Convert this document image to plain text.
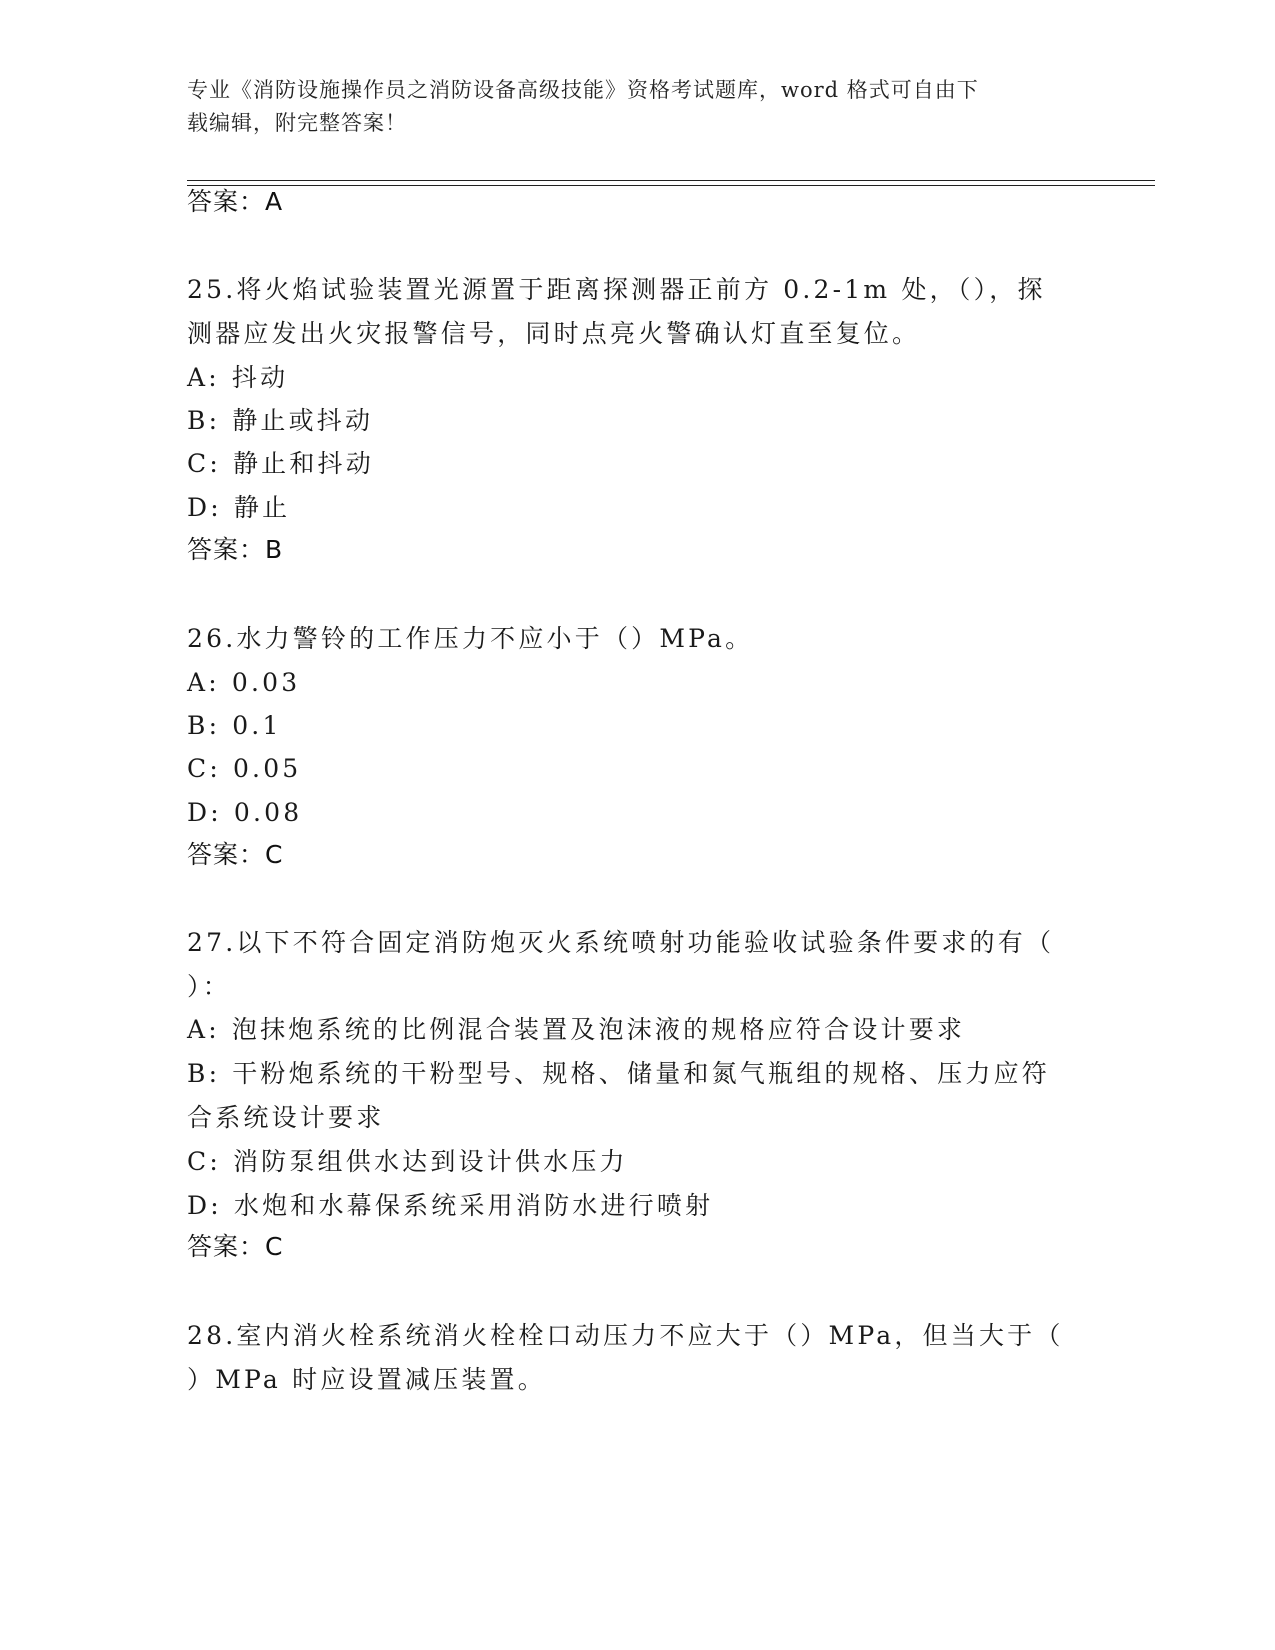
专业《消防设施操作员之消防设备高级技能》资格考试题库，word 格式可自由下
载编辑，附完整答案！
答案：A
25.将火焰试验装置光源置于距离探测器正前方 0.2-1m 处，（），探
测器应发出火灾报警信号，同时点亮火警确认灯直至复位。
A: 抖动
B: 静止或抖动
C: 静止和抖动
D: 静止
答案：B
26.水力警铃的工作压力不应小于（）MPa。
A: 0.03
B: 0.1
C: 0.05
D: 0.08
答案：C
27.以下不符合固定消防炮灭火系统喷射功能验收试验条件要求的有（
）：
A: 泡抹炮系统的比例混合装置及泡沫液的规格应符合设计要求
B: 干粉炮系统的干粉型号、规格、储量和氮气瓶组的规格、压力应符
合系统设计要求
C: 消防泵组供水达到设计供水压力
D: 水炮和水幕保系统采用消防水进行喷射
答案：C
28.室内消火栓系统消火栓栓口动压力不应大于（）MPa，但当大于（
）MPa 时应设置减压装置。
